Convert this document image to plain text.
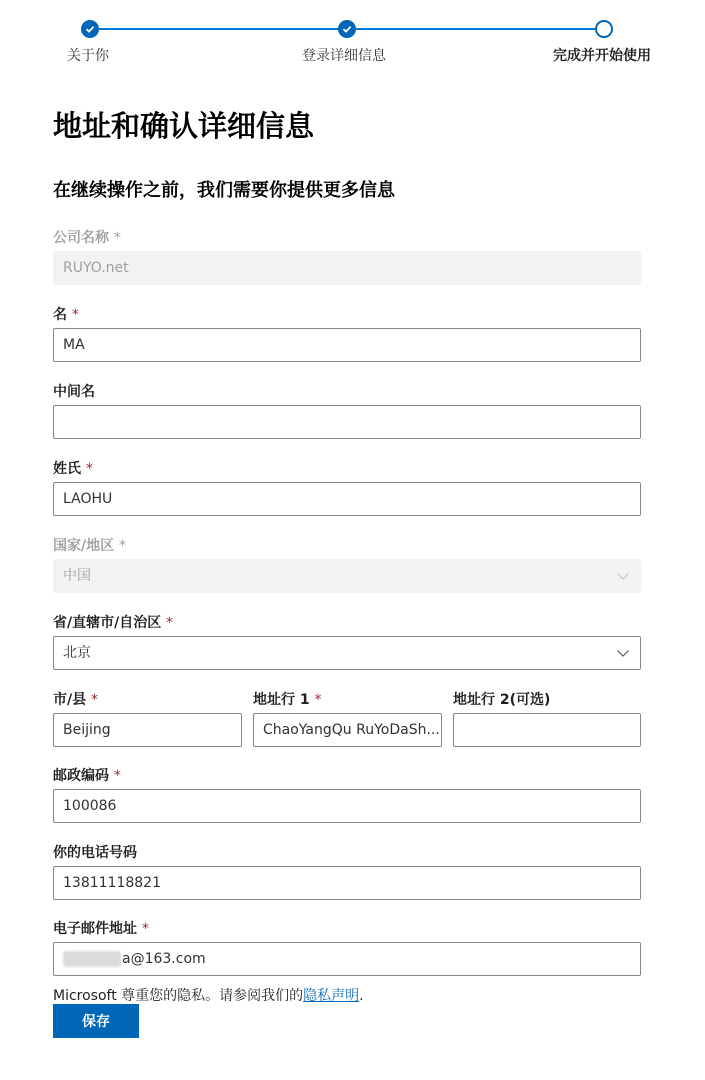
关于你	登录详细信息	完成并开始使用
地址和确认详细信息
在继续操作之前，我们需要你提供更多信息
公司名称 *
RUYO.net
名 *
MA
中间名
姓氏 *
LAOHU
国家/地区 *
中国
省/直辖市/自治区 *
北京
市/县 *
Beijing
地址行 1 *
ChaoYangQu RuYoDaSh...
地址行 2(可选)
邮政编码 *
100086
你的电话号码
13811118821
电子邮件地址 *
a@163.com
Microsoft 尊重您的隐私。请参阅我们的隐私声明.
保存
